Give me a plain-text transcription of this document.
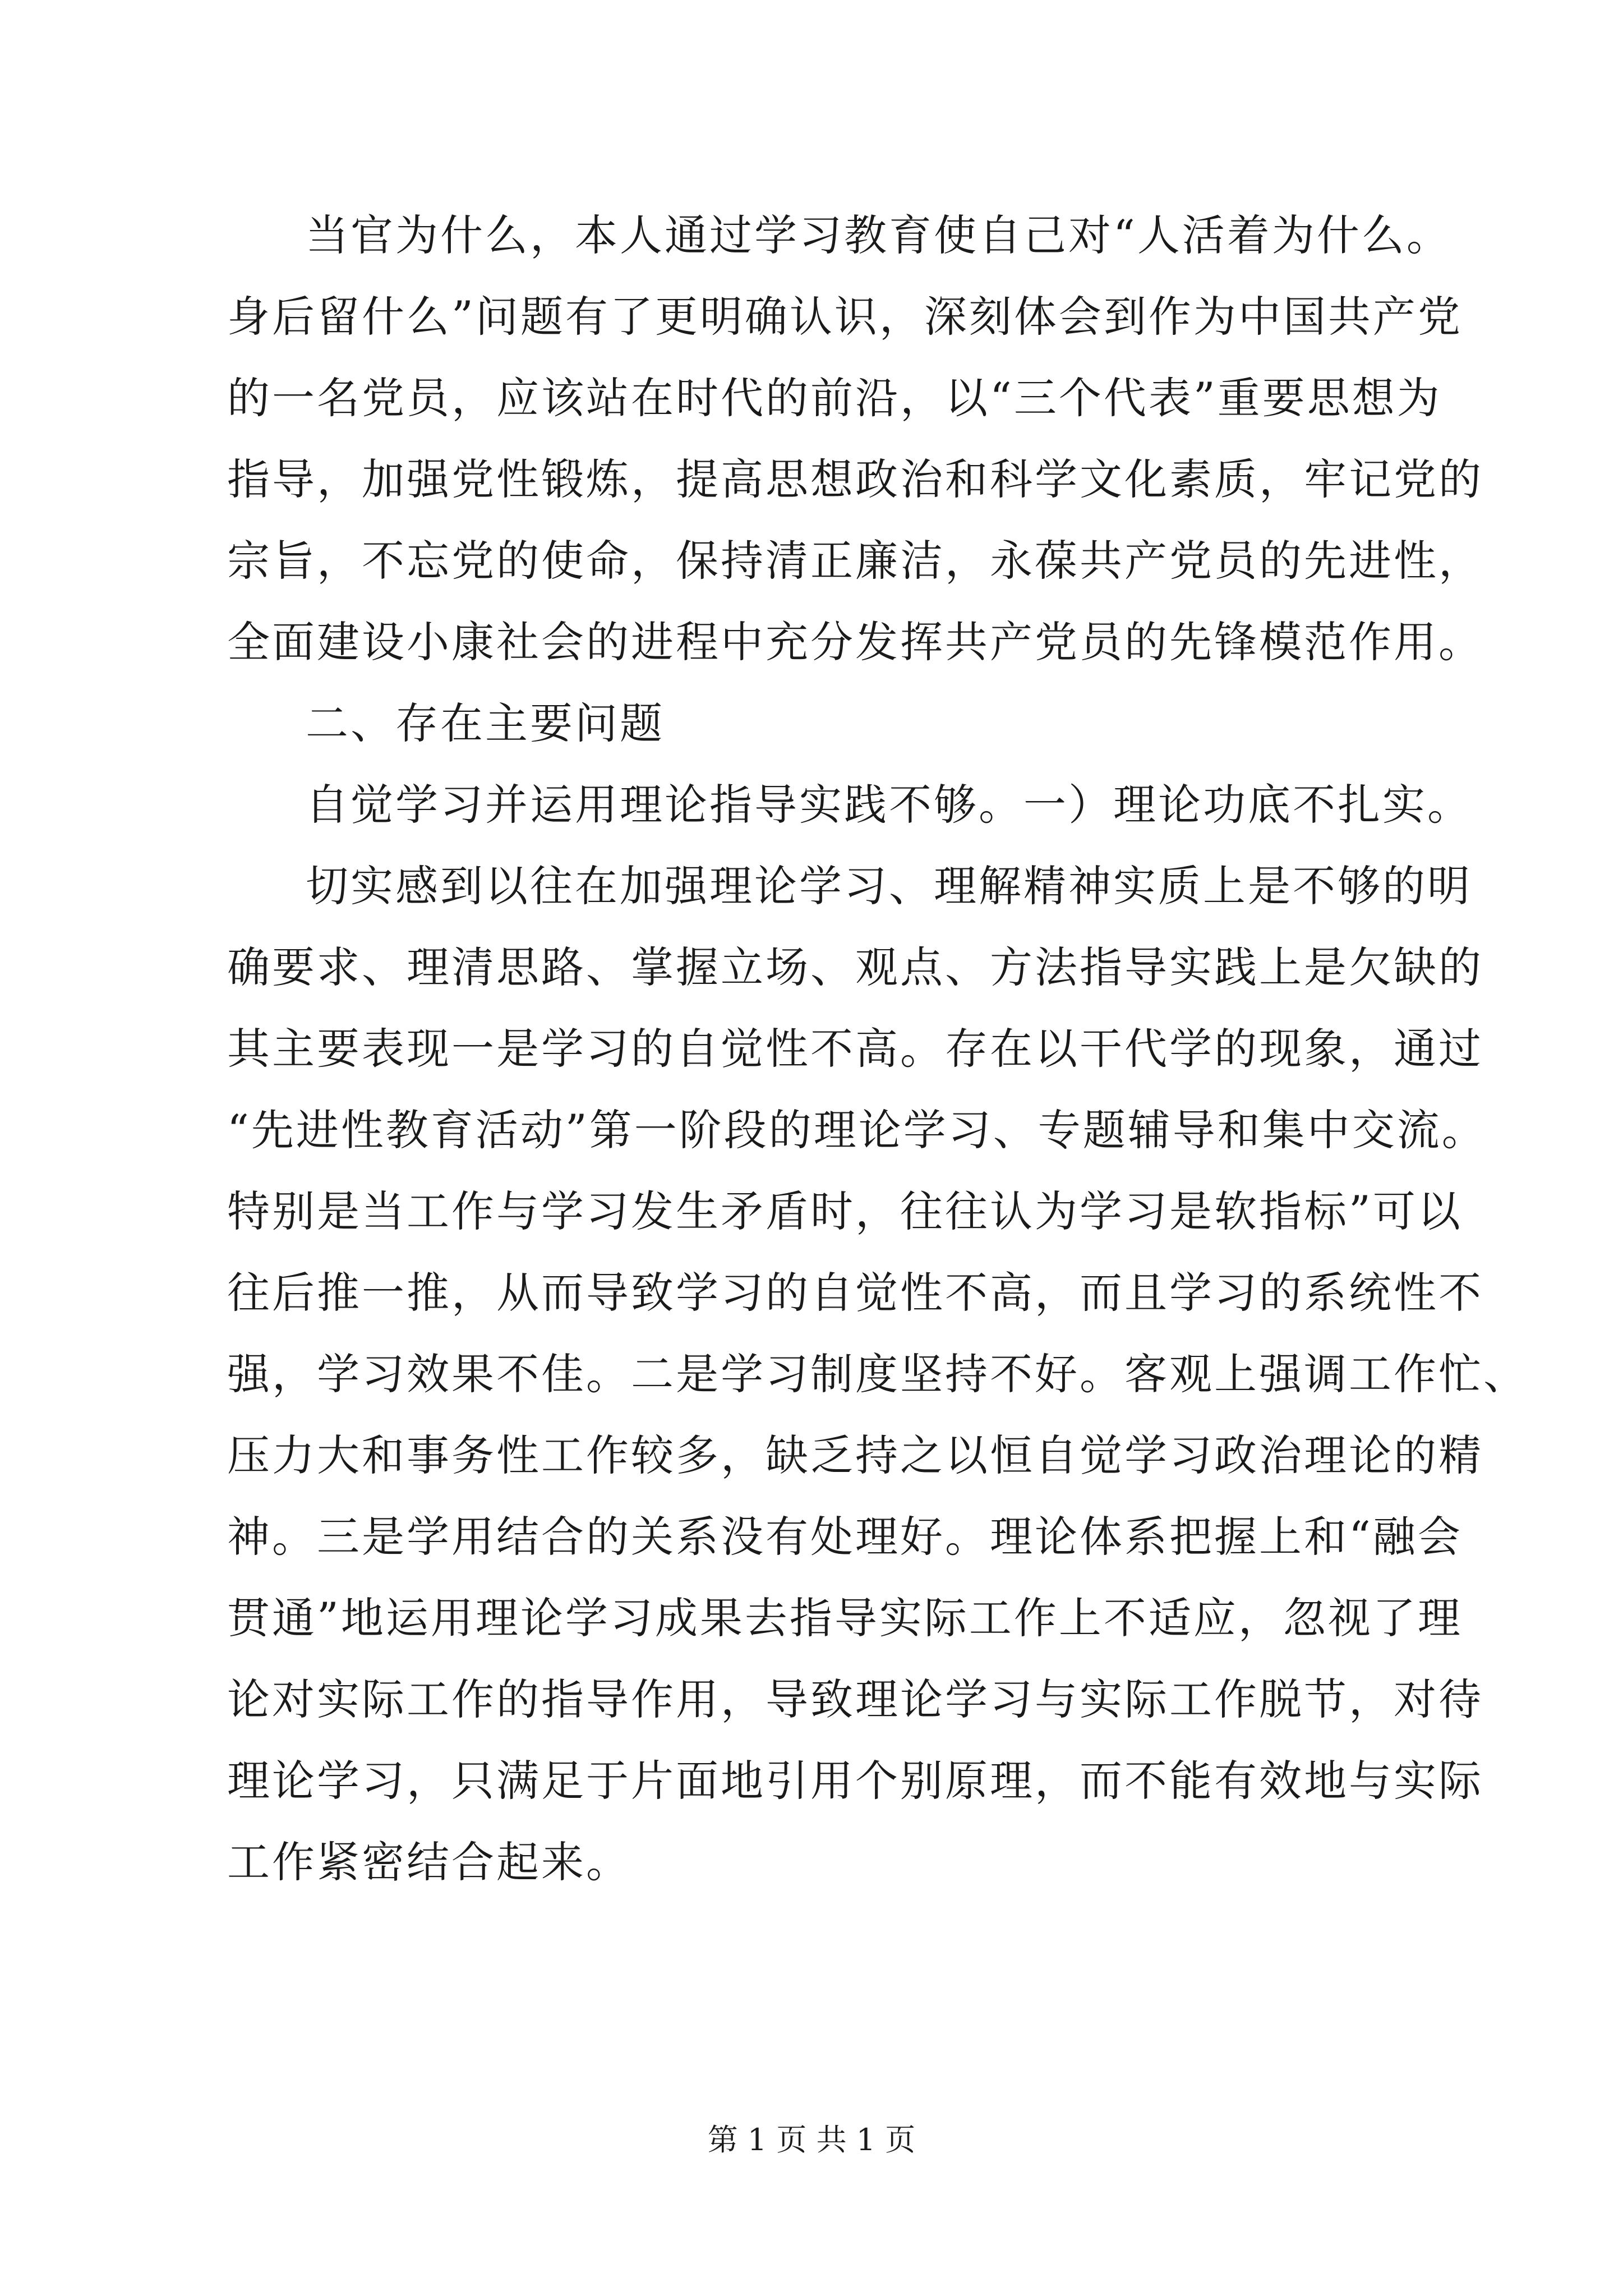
当官为什么，本人通过学习教育使自己对“人活着为什么。
身后留什么”问题有了更明确认识，深刻体会到作为中国共产党
的一名党员，应该站在时代的前沿，以“三个代表”重要思想为
指导，加强党性锻炼，提高思想政治和科学文化素质，牢记党的
宗旨，不忘党的使命，保持清正廉洁，永葆共产党员的先进性，
全面建设小康社会的进程中充分发挥共产党员的先锋模范作用。
二、存在主要问题
自觉学习并运用理论指导实践不够。一）理论功底不扎实。
切实感到以往在加强理论学习、理解精神实质上是不够的明
确要求、理清思路、掌握立场、观点、方法指导实践上是欠缺的
其主要表现一是学习的自觉性不高。存在以干代学的现象，通过
“先进性教育活动”第一阶段的理论学习、专题辅导和集中交流。
特别是当工作与学习发生矛盾时，往往认为学习是软指标”可以
往后推一推，从而导致学习的自觉性不高，而且学习的系统性不
强，学习效果不佳。二是学习制度坚持不好。客观上强调工作忙、
压力大和事务性工作较多，缺乏持之以恒自觉学习政治理论的精
神。三是学用结合的关系没有处理好。理论体系把握上和“融会
贯通”地运用理论学习成果去指导实际工作上不适应，忽视了理
论对实际工作的指导作用，导致理论学习与实际工作脱节，对待
理论学习，只满足于片面地引用个别原理，而不能有效地与实际
工作紧密结合起来。
第 1 页 共 1 页
